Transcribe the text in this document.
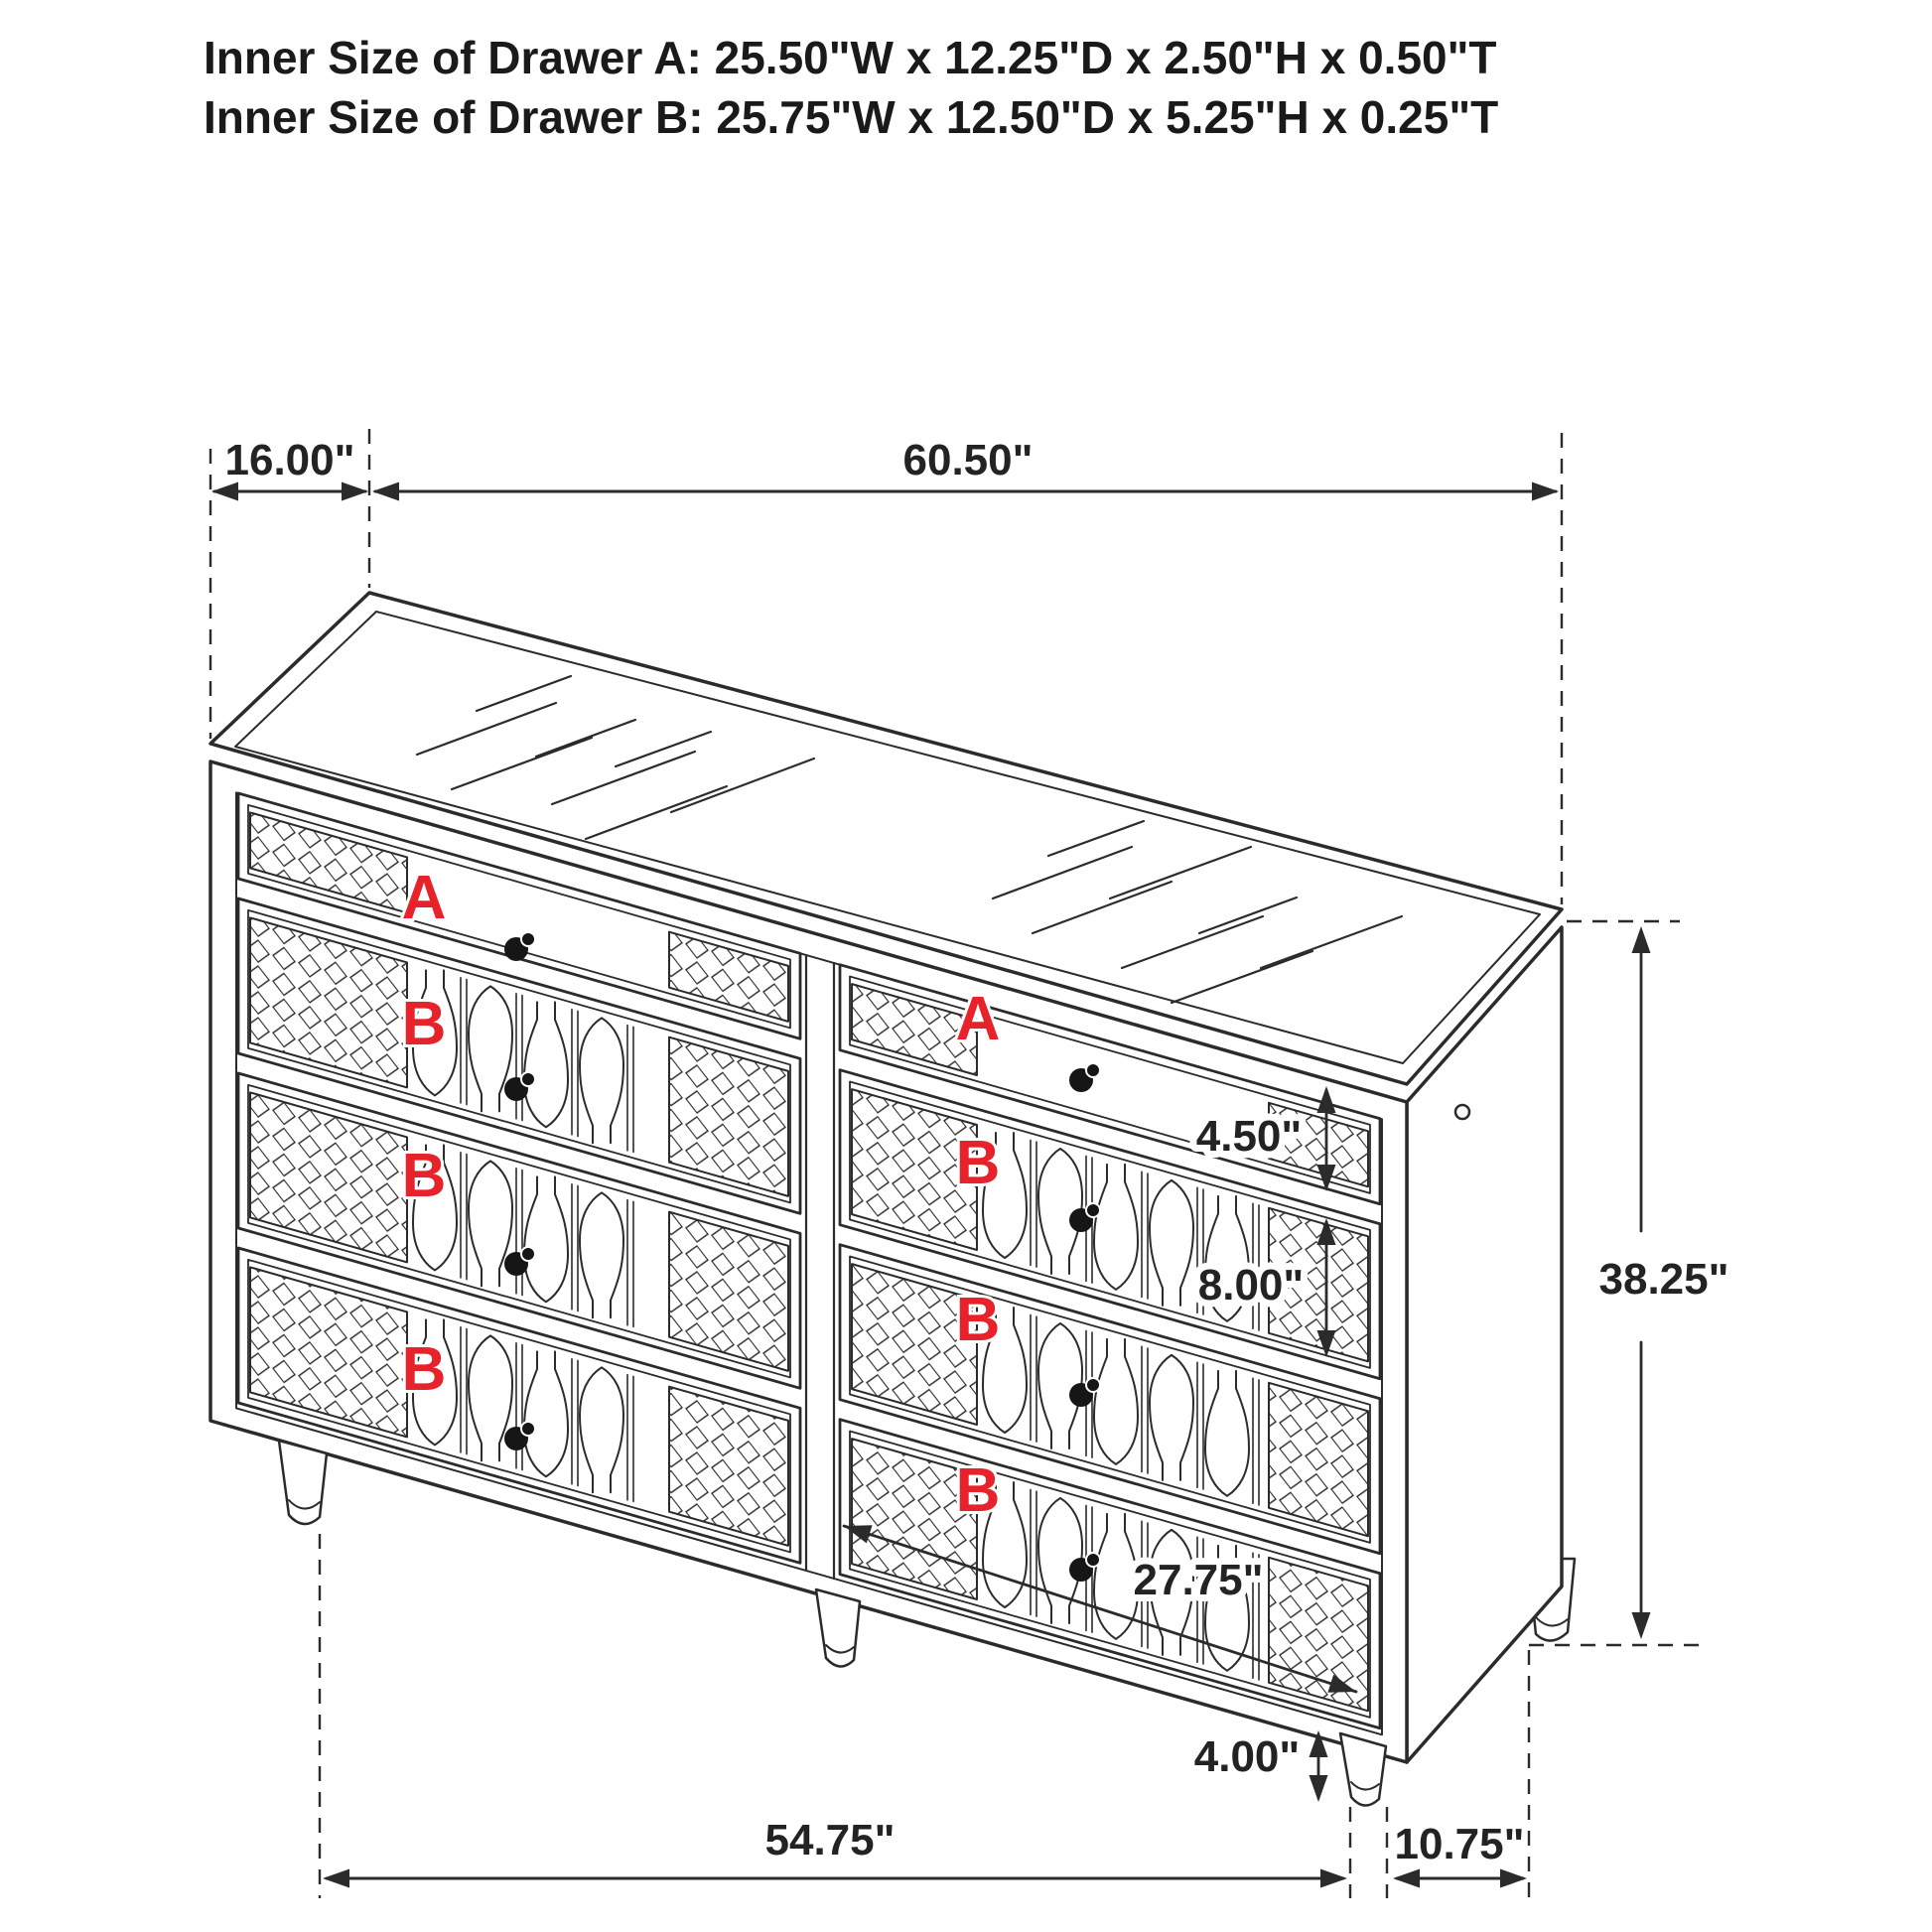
Inner Size of Drawer A: 25.50"W x 12.25"D x 2.50"H x 0.50"T
Inner Size of Drawer B: 25.75"W x 12.50"D x 5.25"H x 0.25"T
16.00"	60.50"
4.50"
8.00"	38.25"
27.75"
4.00"
54.75"	10.75"
A
B
B
B
A
B
B
B
